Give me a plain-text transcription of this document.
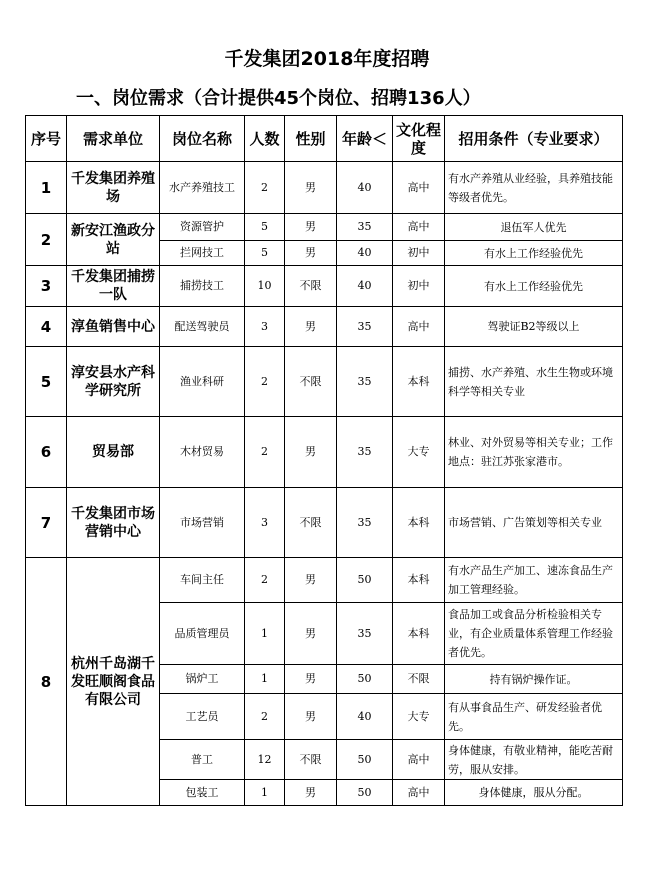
千发集团2018年度招聘
一、岗位需求（合计提供45个岗位、招聘136人）
序号	需求单位	岗位名称	人数	性别	年龄＜	文化程度	招用条件（专业要求）
1	千发集团养殖场	水产养殖技工	2	男	40	高中	有水产养殖从业经验，具养殖技能等级者优先。
2	新安江渔政分站	资源管护	5	男	35	高中	退伍军人优先
		拦网技工	5	男	40	初中	有水上工作经验优先
3	千发集团捕捞一队	捕捞技工	10	不限	40	初中	有水上工作经验优先
4	淳鱼销售中心	配送驾驶员	3	男	35	高中	驾驶证B2等级以上
5	淳安县水产科学研究所	渔业科研	2	不限	35	本科	捕捞、水产养殖、水生生物或环境科学等相关专业
6	贸易部	木材贸易	2	男	35	大专	林业、对外贸易等相关专业；工作地点：驻江苏张家港市。
7	千发集团市场营销中心	市场营销	3	不限	35	本科	市场营销、广告策划等相关专业
8	杭州千岛湖千发旺顺阁食品有限公司	车间主任	2	男	50	本科	有水产品生产加工、速冻食品生产加工管理经验。
		品质管理员	1	男	35	本科	食品加工或食品分析检验相关专业，有企业质量体系管理工作经验者优先。
		锅炉工	1	男	50	不限	持有锅炉操作证。
		工艺员	2	男	40	大专	有从事食品生产、研发经验者优先。
		普工	12	不限	50	高中	身体健康，有敬业精神，能吃苦耐劳，服从安排。
		包装工	1	男	50	高中	身体健康，服从分配。
